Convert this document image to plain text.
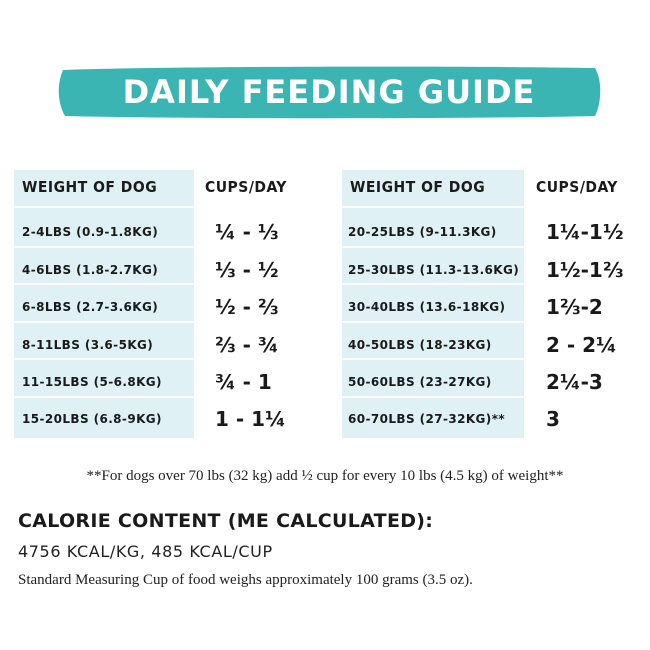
DAILY FEEDING GUIDE
WEIGHT OF DOG	CUPS/DAY	WEIGHT OF DOG	CUPS/DAY
2-4LBS (0.9-1.8KG)	¼ - ⅓
4-6LBS (1.8-2.7KG)	⅓ - ½
6-8LBS (2.7-3.6KG)	½ - ⅔
8-11LBS (3.6-5KG)	⅔ - ¾
11-15LBS (5-6.8KG)	¾ - 1
15-20LBS (6.8-9KG)	1 - 1¼
20-25LBS (9-11.3KG) 1¼-1½
25-30LBS (11.3-13.6KG) 1½-1⅔
30-40LBS (13.6-18KG) 1⅔-2
40-50LBS (18-23KG)	2 - 2¼
50-60LBS (23-27KG)	2¼-3
60-70LBS (27-32KG)** 3
**For dogs over 70 lbs (32 kg) add ½ cup for every 10 lbs (4.5 kg) of weight**
CALORIE CONTENT (ME CALCULATED):
4756 KCAL/KG, 485 KCAL/CUP
Standard Measuring Cup of food weighs approximately 100 grams (3.5 oz).
